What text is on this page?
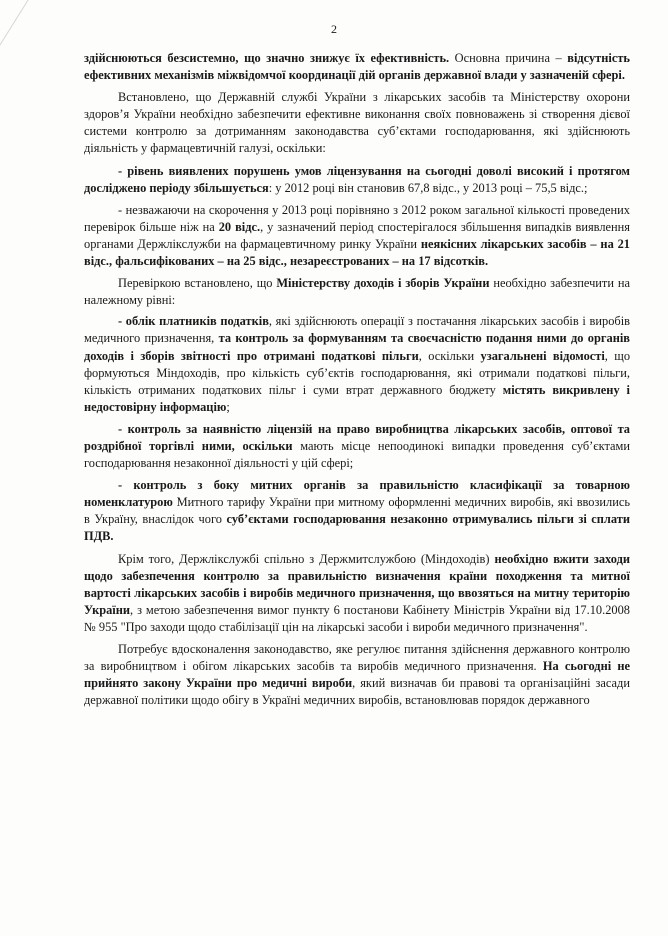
2

здійснюються безсистемно, що значно знижує їх ефективність. Основна причина – відсутність ефективних механізмів міжвідомчої координації дій органів державної влади у зазначеній сфері.

Встановлено, що Державній службі України з лікарських засобів та Міністерству охорони здоров’я України необхідно забезпечити ефективне виконання своїх повноважень зі створення дієвої системи контролю за дотриманням законодавства суб’єктами господарювання, які здійснюють діяльність у фармацевтичній галузі, оскільки:

- рівень виявлених порушень умов ліцензування на сьогодні доволі високий і протягом досліджено періоду збільшується: у 2012 році він становив 67,8 відс., у 2013 році – 75,5 відс.;

- незважаючи на скорочення у 2013 році порівняно з 2012 роком загальної кількості проведених перевірок більше ніж на 20 відс., у зазначений період спостерігалося збільшення випадків виявлення органами Держлікслужби на фармацевтичному ринку України неякісних лікарських засобів – на 21 відс., фальсифікованих – на 25 відс., незареєстрованих – на 17 відсотків.

Перевіркою встановлено, що Міністерству доходів і зборів України необхідно забезпечити на належному рівні:

- облік платників податків, які здійснюють операції з постачання лікарських засобів і виробів медичного призначення, та контроль за формуванням та своєчасністю подання ними до органів доходів і зборів звітності про отримані податкові пільги, оскільки узагальнені відомості, що формуються Міндоходів, про кількість суб’єктів господарювання, які отримали податкові пільги, кількість отриманих податкових пільг і суми втрат державного бюджету містять викривлену і недостовірну інформацію;

- контроль за наявністю ліцензій на право виробництва лікарських засобів, оптової та роздрібної торгівлі ними, оскільки мають місце непоодинокі випадки проведення суб’єктами господарювання незаконної діяльності у цій сфері;

- контроль з боку митних органів за правильністю класифікації за товарною номенклатурою Митного тарифу України при митному оформленні медичних виробів, які ввозились в Україну, внаслідок чого суб’єктами господарювання незаконно отримувались пільги зі сплати ПДВ.

Крім того, Держлікслужбі спільно з Держмитслужбою (Міндоходів) необхідно вжити заходи щодо забезпечення контролю за правильністю визначення країни походження та митної вартості лікарських засобів і виробів медичного призначення, що ввозяться на митну територію України, з метою забезпечення вимог пункту 6 постанови Кабінету Міністрів України від 17.10.2008 № 955 "Про заходи щодо стабілізації цін на лікарські засоби і вироби медичного призначення".

Потребує вдосконалення законодавство, яке регулює питання здійснення державного контролю за виробництвом і обігом лікарських засобів та виробів медичного призначення. На сьогодні не прийнято закону України про медичні вироби, який визначав би правові та організаційні засади державної політики щодо обігу в Україні медичних виробів, встановлював порядок державного
